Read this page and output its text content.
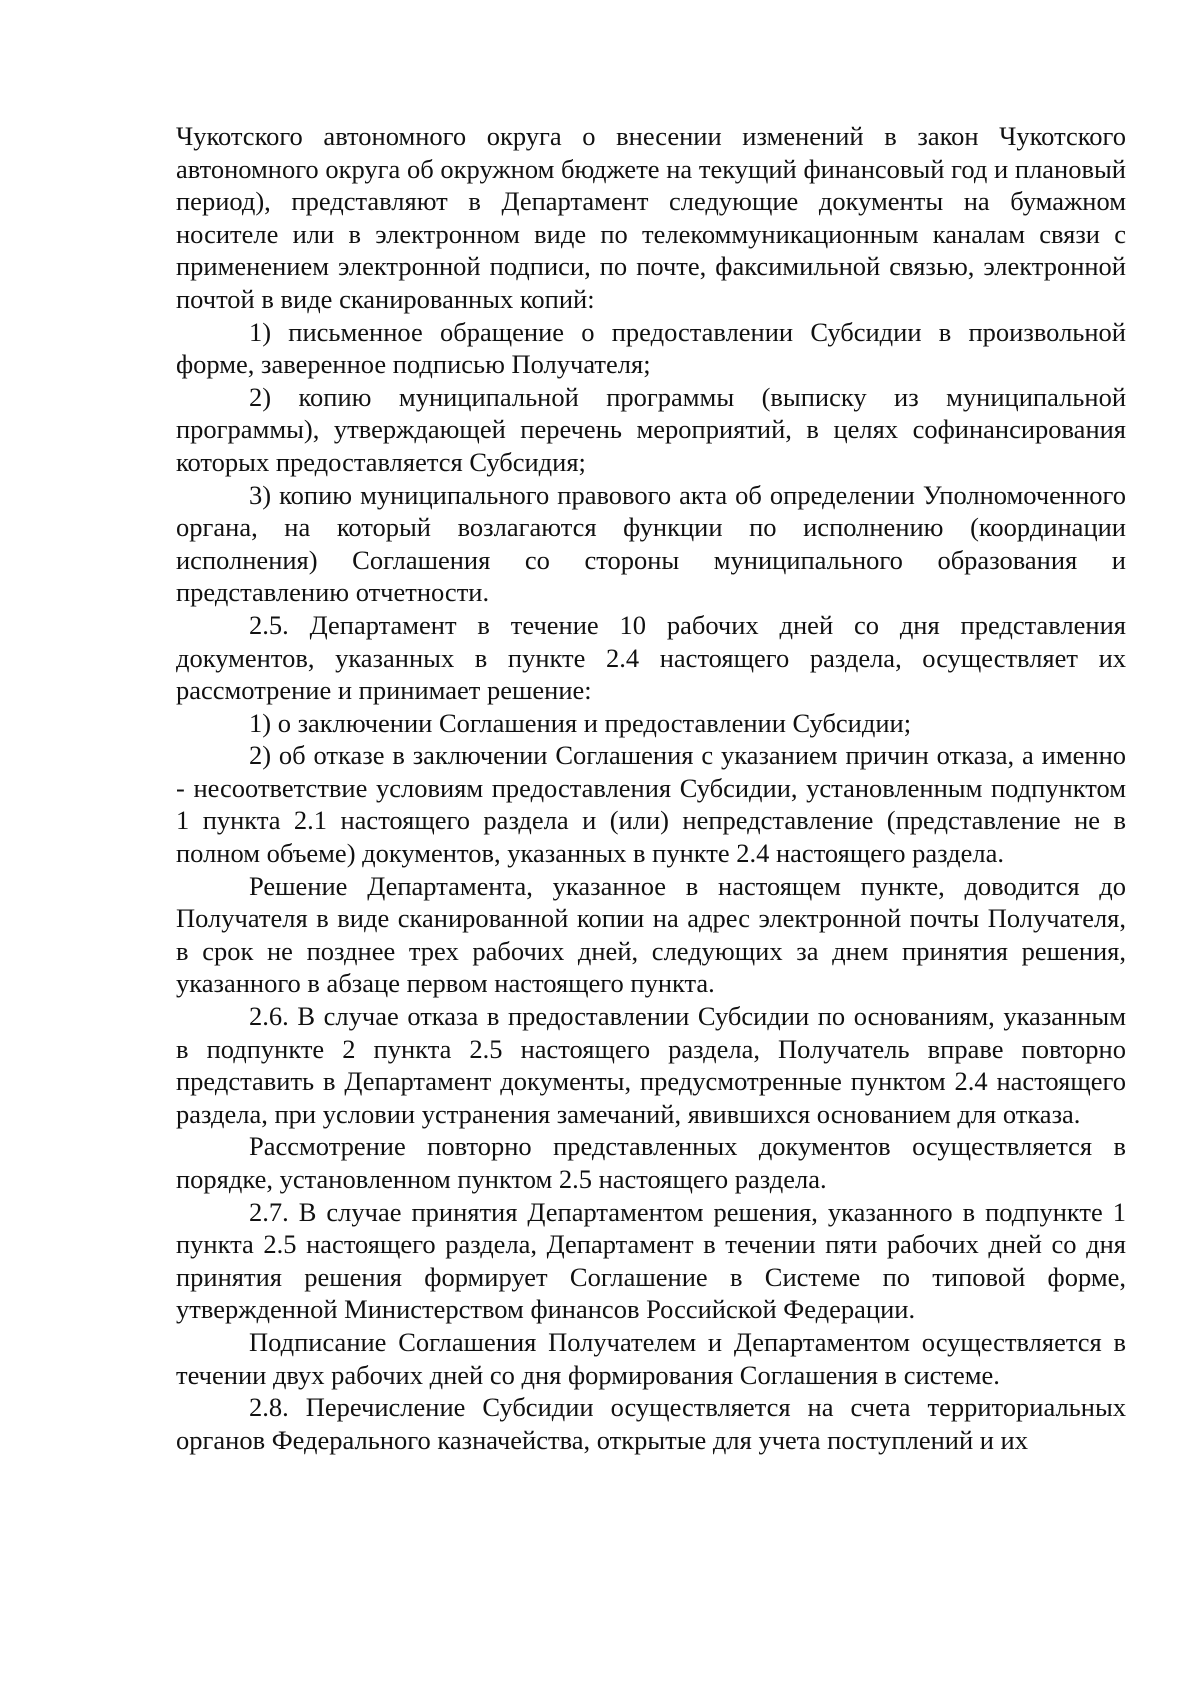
Чукотского автономного округа о внесении изменений в закон Чукотского автономного округа об окружном бюджете на текущий финансовый год и плановый период), представляют в Департамент следующие документы на бумажном носителе или в электронном виде по телекоммуникационным каналам связи с применением электронной подписи, по почте, факсимильной связью, электронной почтой в виде сканированных копий:

1) письменное обращение о предоставлении Субсидии в произвольной форме, заверенное подписью Получателя;

2) копию муниципальной программы (выписку из муниципальной программы), утверждающей перечень мероприятий, в целях софинансирования которых предоставляется Субсидия;

3) копию муниципального правового акта об определении Уполномоченного органа, на который возлагаются функции по исполнению (координации исполнения) Соглашения со стороны муниципального образования и представлению отчетности.

2.5. Департамент в течение 10 рабочих дней со дня представления документов, указанных в пункте 2.4 настоящего раздела, осуществляет их рассмотрение и принимает решение:

1) о заключении Соглашения и предоставлении Субсидии;

2) об отказе в заключении Соглашения с указанием причин отказа, а именно - несоответствие условиям предоставления Субсидии, установленным подпунктом 1 пункта 2.1 настоящего раздела и (или) непредставление (представление не в полном объеме) документов, указанных в пункте 2.4 настоящего раздела.

Решение Департамента, указанное в настоящем пункте, доводится до Получателя в виде сканированной копии на адрес электронной почты Получателя, в срок не позднее трех рабочих дней, следующих за днем принятия решения, указанного в абзаце первом настоящего пункта.

2.6. В случае отказа в предоставлении Субсидии по основаниям, указанным в подпункте 2 пункта 2.5 настоящего раздела, Получатель вправе повторно представить в Департамент документы, предусмотренные пунктом 2.4 настоящего раздела, при условии устранения замечаний, явившихся основанием для отказа.

Рассмотрение повторно представленных документов осуществляется в порядке, установленном пунктом 2.5 настоящего раздела.

2.7. В случае принятия Департаментом решения, указанного в подпункте 1 пункта 2.5 настоящего раздела, Департамент в течении пяти рабочих дней со дня принятия решения формирует Соглашение в Системе по типовой форме, утвержденной Министерством финансов Российской Федерации.

Подписание Соглашения Получателем и Департаментом осуществляется в течении двух рабочих дней со дня формирования Соглашения в системе.

2.8. Перечисление Субсидии осуществляется на счета территориальных органов Федерального казначейства, открытые для учета поступлений и их
